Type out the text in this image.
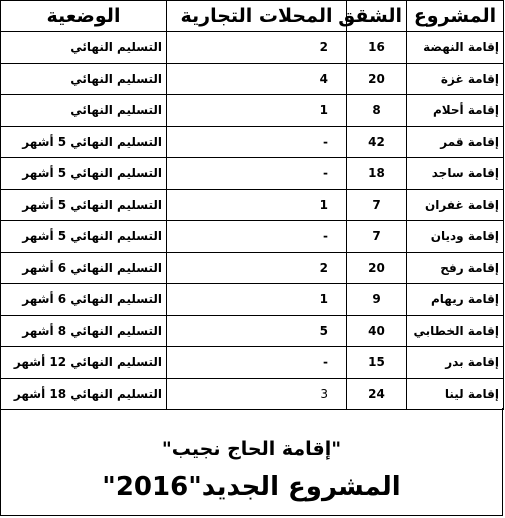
المشروع	الشقق	المحلات التجارية	الوضعية
إقامة النهضة	16	2	التسليم النهائي
إقامة غزة	20	4	التسليم النهائي
إقامة أحلام	8	1	التسليم النهائي
إقامة قمر	42	-	التسليم النهائي 5 أشهر
إقامة ساجد	18	-	التسليم النهائي 5 أشهر
إقامة غفران	7	1	التسليم النهائي 5 أشهر
إقامة وديان	7	-	التسليم النهائي 5 أشهر
إقامة رفح	20	2	التسليم النهائي 6 أشهر
إقامة ريهام	9	1	التسليم النهائي 6 أشهر
إقامة الخطابي	40	5	التسليم النهائي 8 أشهر
إقامة بدر	15	-	التسليم النهائي 12 أشهر
إقامة لينا	24	3	التسليم النهائي 18 أشهر
"إقامة الحاج نجيب"
المشروع الجديد"2016"
